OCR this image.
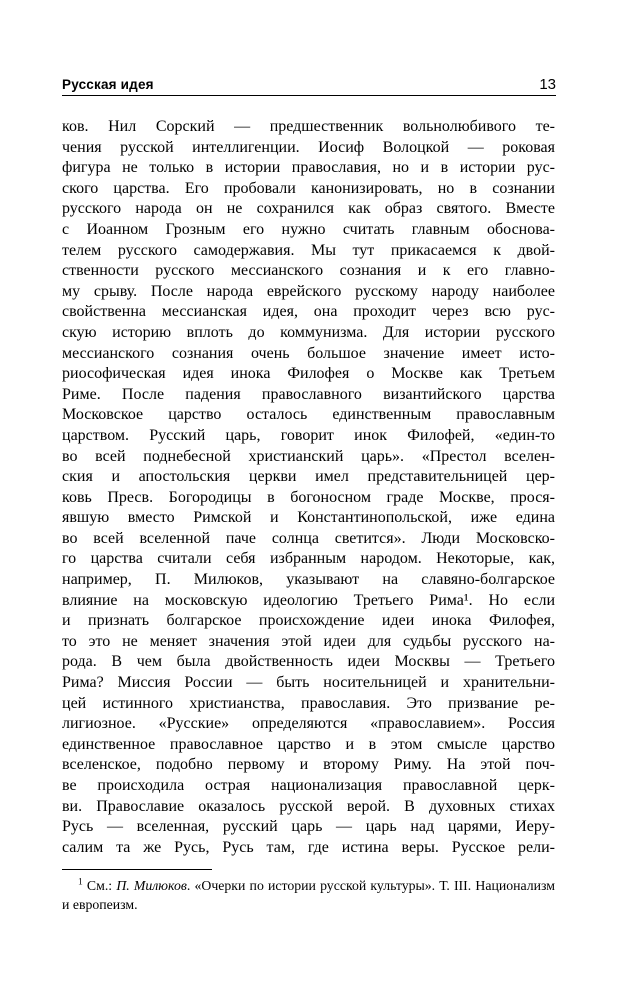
Русская идея	13
ков. Нил Сорский — предшественник вольнолюбивого те-
чения русской интеллигенции. Иосиф Волоцкой — роковая
фигура не только в истории православия, но и в истории рус-
ского царства. Его пробовали канонизировать, но в сознании
русского народа он не сохранился как образ святого. Вместе
с Иоанном Грозным его нужно считать главным обоснова-
телем русского самодержавия. Мы тут прикасаемся к двой-
ственности русского мессианского сознания и к его главно-
му срыву. После народа еврейского русскому народу наиболее
свойственна мессианская идея, она проходит через всю рус-
скую историю вплоть до коммунизма. Для истории русского
мессианского сознания очень большое значение имеет исто-
риософическая идея инока Филофея о Москве как Третьем
Риме. После падения православного византийского царства
Московское царство осталось единственным православным
царством. Русский царь, говорит инок Филофей, «един-то
во всей поднебесной христианский царь». «Престол вселен-
ския и апостольския церкви имел представительницей цер-
ковь Пресв. Богородицы в богоносном граде Москве, прося-
явшую вместо Римской и Константинопольской, иже едина
во всей вселенной паче солнца светится». Люди Московско-
го царства считали себя избранным народом. Некоторые, как,
например, П. Милюков, указывают на славяно-болгарское
влияние на московскую идеологию Третьего Рима¹. Но если
и признать болгарское происхождение идеи инока Филофея,
то это не меняет значения этой идеи для судьбы русского на-
рода. В чем была двойственность идеи Москвы — Третьего
Рима? Миссия России — быть носительницей и хранительни-
цей истинного христианства, православия. Это призвание ре-
лигиозное. «Русские» определяются «православием». Россия
единственное православное царство и в этом смысле царство
вселенское, подобно первому и второму Риму. На этой поч-
ве происходила острая национализация православной церк-
ви. Православие оказалось русской верой. В духовных стихах
Русь — вселенная, русский царь — царь над царями, Иеру-
салим та же Русь, Русь там, где истина веры. Русское рели-

$^1$ См.: П. Милюков. «Очерки по истории русской культуры». Т. III. Национализм и европеизм.
